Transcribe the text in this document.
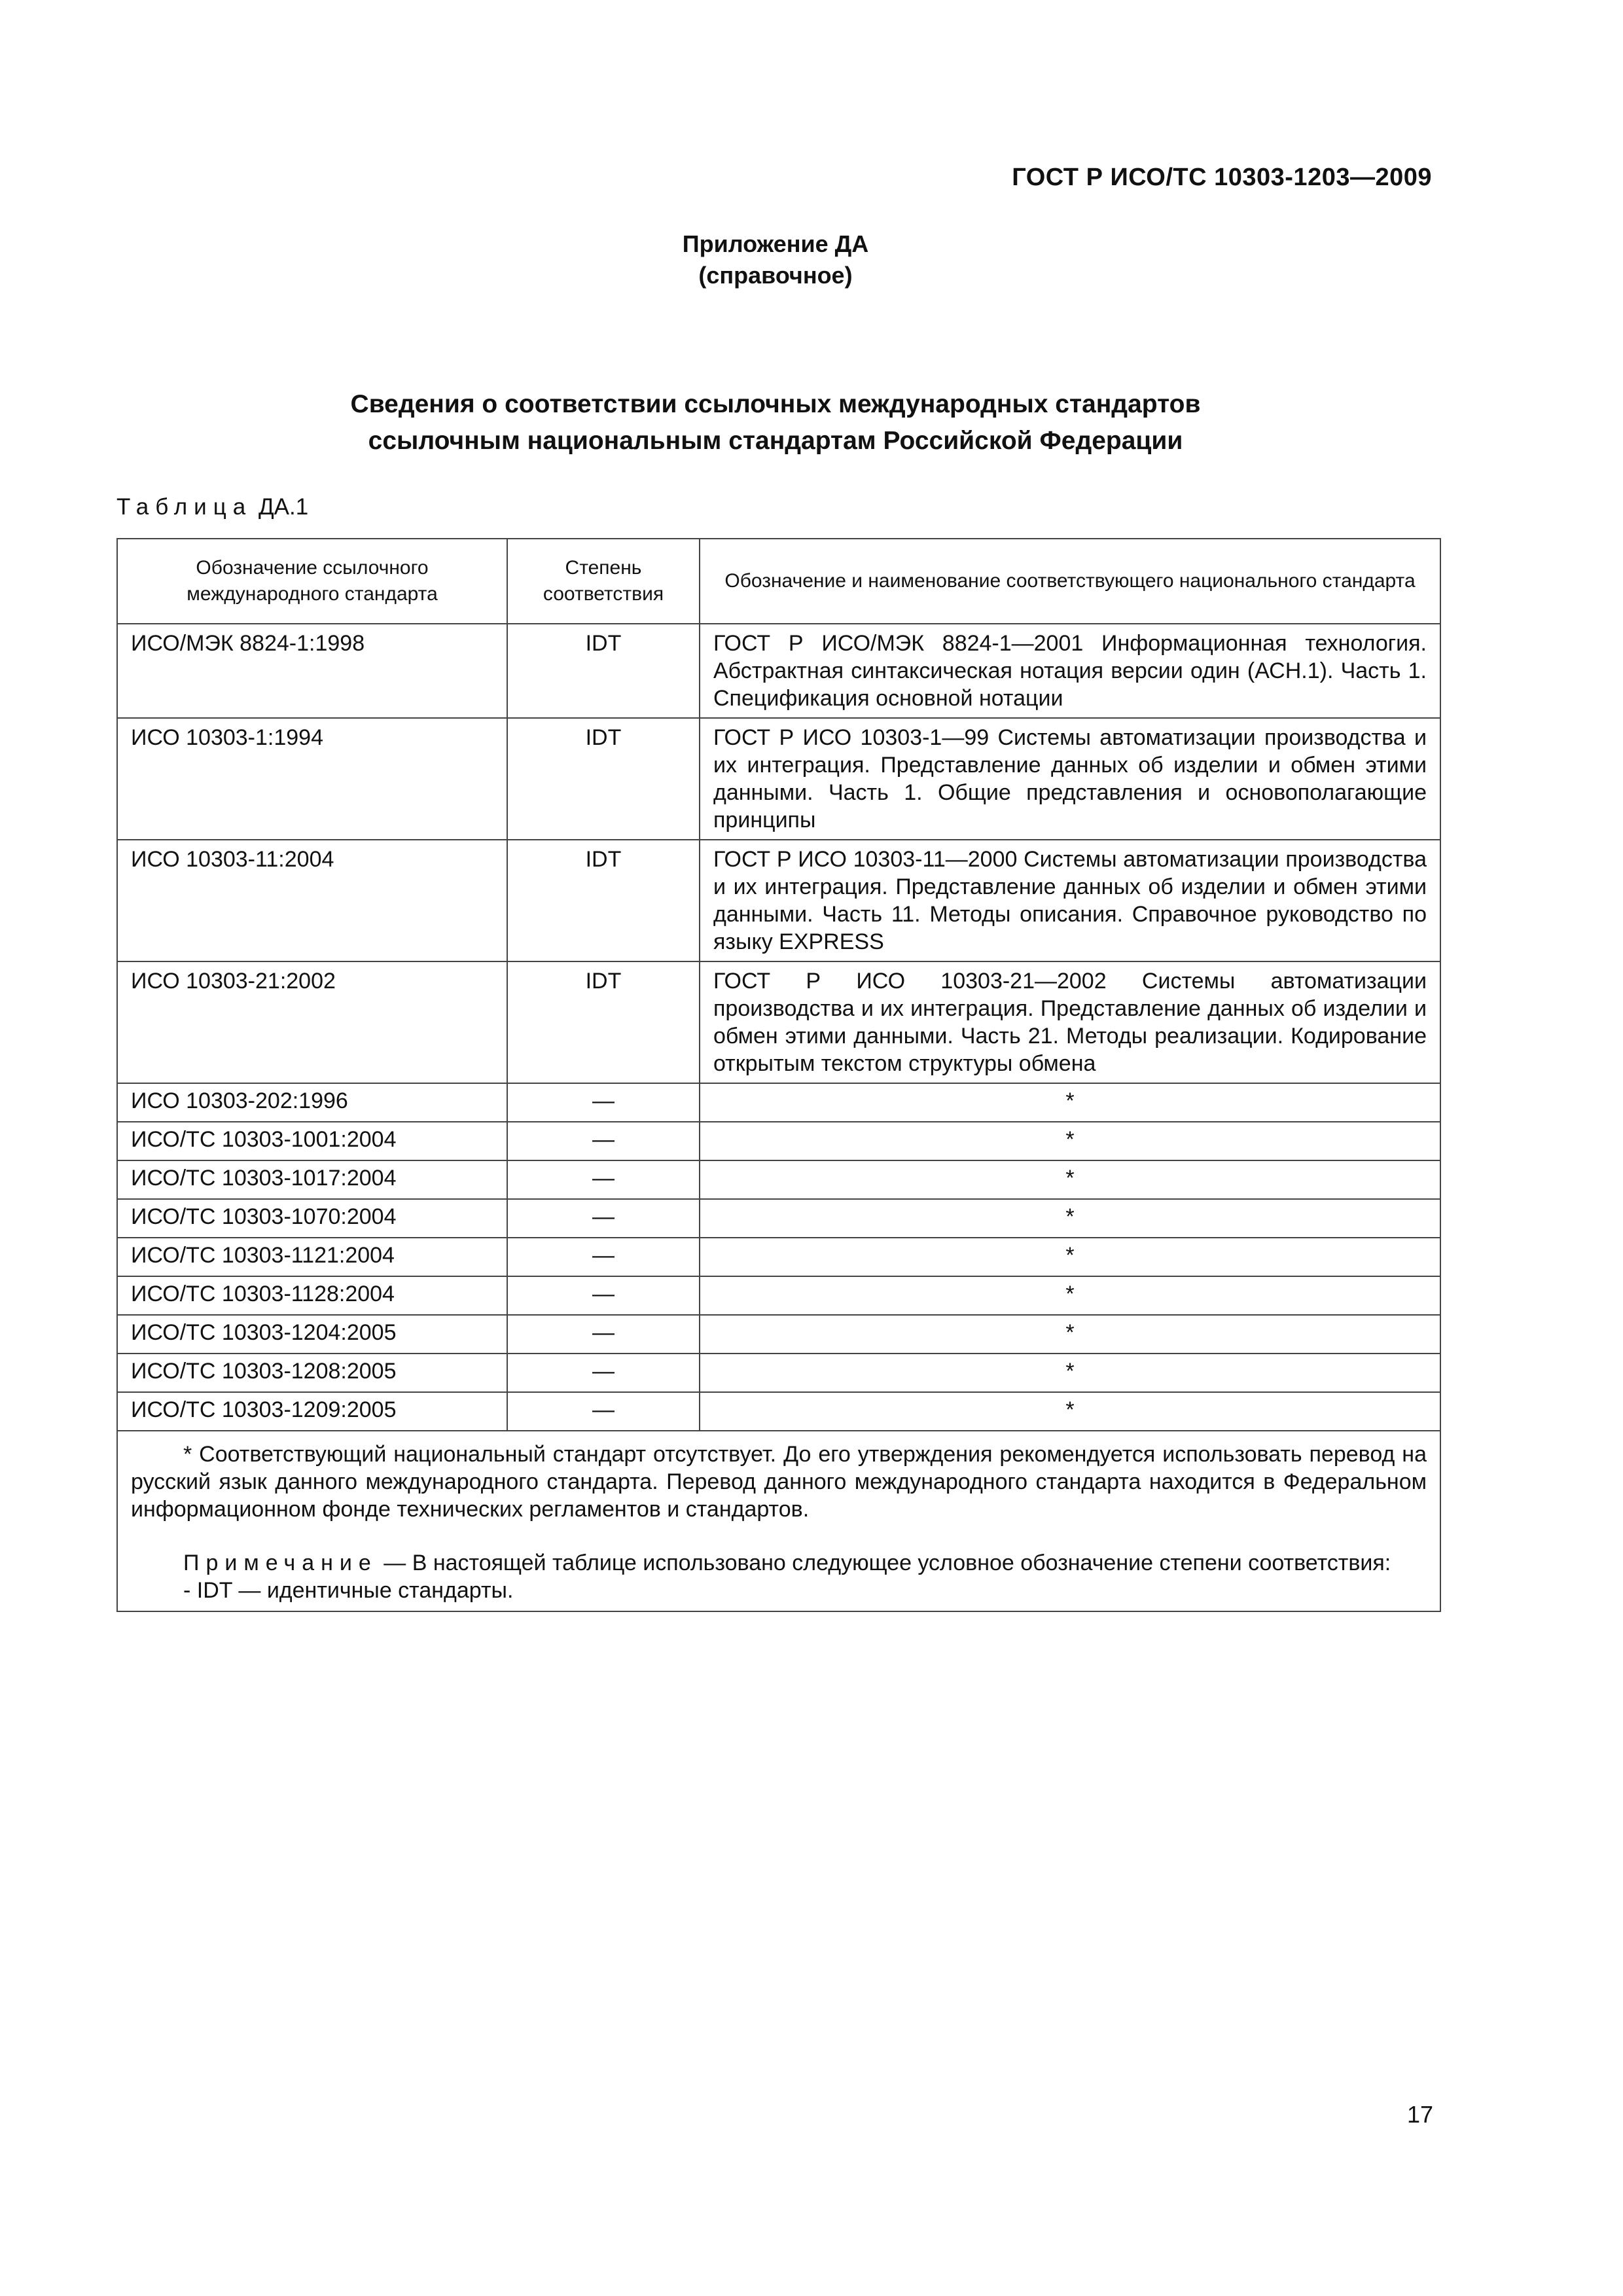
ГОСТ Р ИСО/ТС 10303-1203—2009
Приложение ДА
(справочное)
Сведения о соответствии ссылочных международных стандартов
ссылочным национальным стандартам Российской Федерации
Таблица ДА.1
Обозначение ссылочного международного стандарта	Степень соответствия	Обозначение и наименование соответствующего национального стандарта
ИСО/МЭК 8824-1:1998	IDT	ГОСТ Р ИСО/МЭК 8824-1—2001 Информационная технология. Абстрактная синтаксическая нотация версии один (АСН.1). Часть 1. Спецификация основной нотации
ИСО 10303-1:1994	IDT	ГОСТ Р ИСО 10303-1—99 Системы автоматизации производства и их интеграция. Представление данных об изделии и обмен этими данными. Часть 1. Общие представления и основополагающие принципы
ИСО 10303-11:2004	IDT	ГОСТ Р ИСО 10303-11—2000 Системы автоматизации производства и их интеграция. Представление данных об изделии и обмен этими данными. Часть 11. Методы описания. Справочное руководство по языку EXPRESS
ИСО 10303-21:2002	IDT	ГОСТ Р ИСО 10303-21—2002 Системы автоматизации производства и их интеграция. Представление данных об изделии и обмен этими данными. Часть 21. Методы реализации. Кодирование открытым текстом структуры обмена
ИСО 10303-202:1996	—	*
ИСО/ТС 10303-1001:2004	—	*
ИСО/ТС 10303-1017:2004	—	*
ИСО/ТС 10303-1070:2004	—	*
ИСО/ТС 10303-1121:2004	—	*
ИСО/ТС 10303-1128:2004	—	*
ИСО/ТС 10303-1204:2005	—	*
ИСО/ТС 10303-1208:2005	—	*
ИСО/ТС 10303-1209:2005	—	*

* Соответствующий национальный стандарт отсутствует. До его утверждения рекомендуется использовать перевод на русский язык данного международного стандарта. Перевод данного международного стандарта находится в Федеральном информационном фонде технических регламентов и стандартов.

Примечание — В настоящей таблице использовано следующее условное обозначение степени соответствия:

- IDT — идентичные стандарты.		

17
